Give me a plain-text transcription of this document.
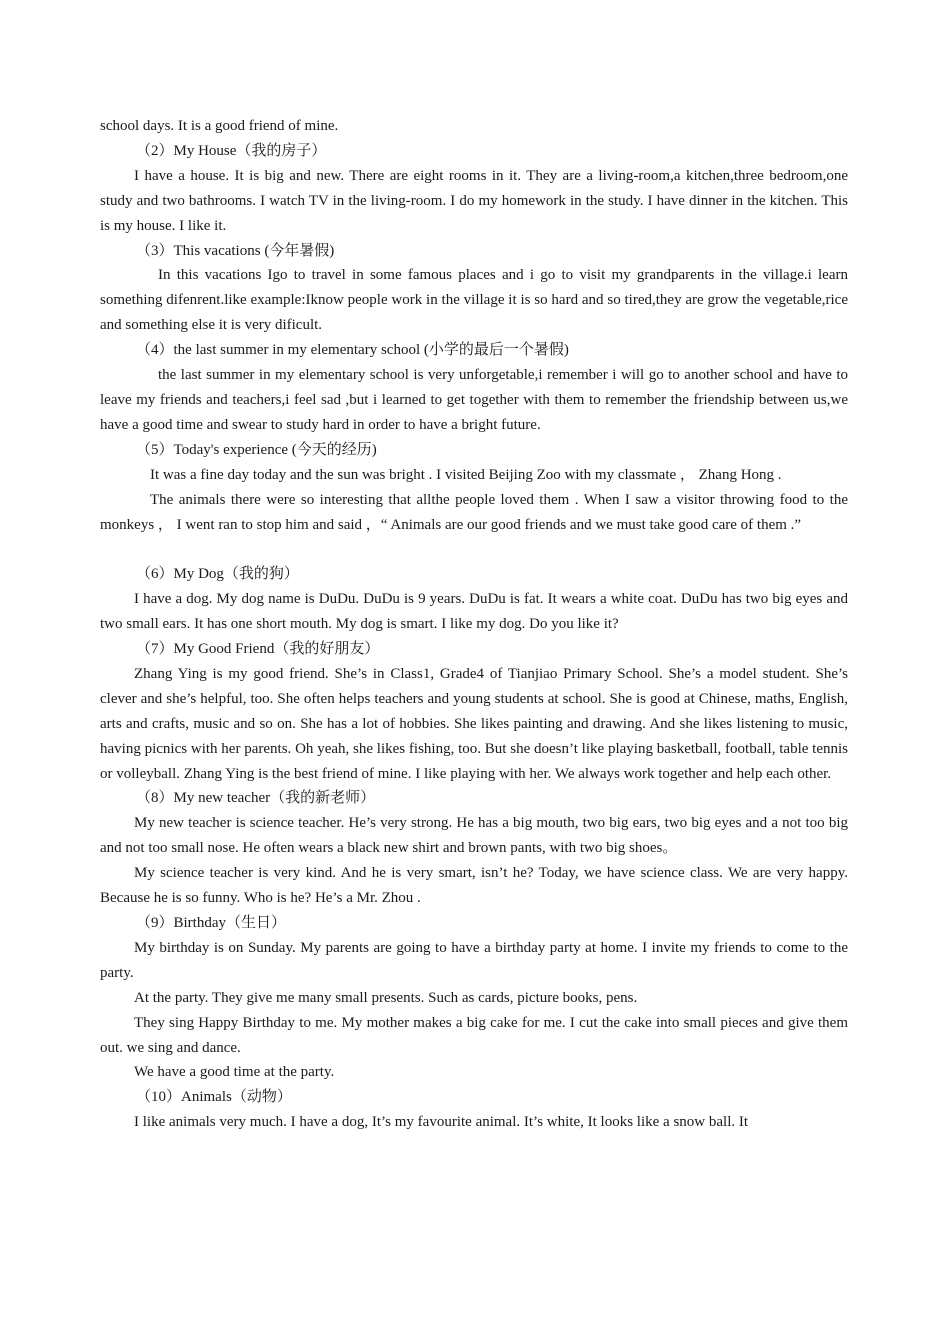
school days. It is a good friend of mine.

（2）My House（我的房子）

I have a house. It is big and new. There are eight rooms in it. They are a living-room,a kitchen,three bedroom,one study and two bathrooms. I watch TV in the living-room. I do my homework in the study. I have dinner in the kitchen. This is my house. I like it.

（3）This vacations (今年暑假)

In this vacations Igo to travel in some famous places and i go to visit my grandparents in the village.i learn something difenrent.like example:Iknow people work in the village it is so hard and so tired,they are grow the vegetable,rice and something else it is very dificult.

（4）the last summer in my elementary school (小学的最后一个暑假)

the last summer in my elementary school is very unforgetable,i remember i will go to another school and have to leave my friends and teachers,i feel sad ,but i learned to get together with them to remember the friendship between us,we have a good time and swear to study hard in order to have a bright future.

（5）Today's experience (今天的经历)

It was a fine day today and the sun was bright . I visited Beijing Zoo with my classmate ， Zhang Hong .

The animals there were so interesting that allthe people loved them . When I saw a visitor throwing food to the monkeys ， I went ran to stop him and said ，“ Animals are our good friends and we must take good care of them .”

（6）My Dog（我的狗）

I have a dog. My dog name is DuDu. DuDu is 9 years. DuDu is fat. It wears a white coat. DuDu has two big eyes and two small ears. It has one short mouth. My dog is smart. I like my dog. Do you like it?

（7）My Good Friend（我的好朋友）

Zhang Ying is my good friend. She’s in Class1, Grade4 of Tianjiao Primary School. She’s a model student. She’s clever and she’s helpful, too. She often helps teachers and young students at school. She is good at Chinese, maths, English, arts and crafts, music and so on. She has a lot of hobbies. She likes painting and drawing. And she likes listening to music, having picnics with her parents. Oh yeah, she likes fishing, too. But she doesn’t like playing basketball, football, table tennis or volleyball. Zhang Ying is the best friend of mine. I like playing with her. We always work together and help each other.

（8）My new teacher（我的新老师）

My new teacher is science teacher. He’s very strong. He has a big mouth, two big ears, two big eyes and a not too big and not too small nose. He often wears a black new shirt and brown pants, with two big shoes。

My science teacher is very kind. And he is very smart, isn’t he? Today, we have science class. We are very happy. Because he is so funny. Who is he? He’s a Mr. Zhou .

（9）Birthday（生日）

My birthday is on Sunday. My parents are going to have a birthday party at home. I invite my friends to come to the party.

At the party. They give me many small presents. Such as cards, picture books, pens.

They sing Happy Birthday to me. My mother makes a big cake for me. I cut the cake into small pieces and give them out. we sing and dance.

We have a good time at the party.

（10）Animals（动物）

I like animals very much. I have a dog, It’s my favourite animal. It’s white, It looks like a snow ball. It
